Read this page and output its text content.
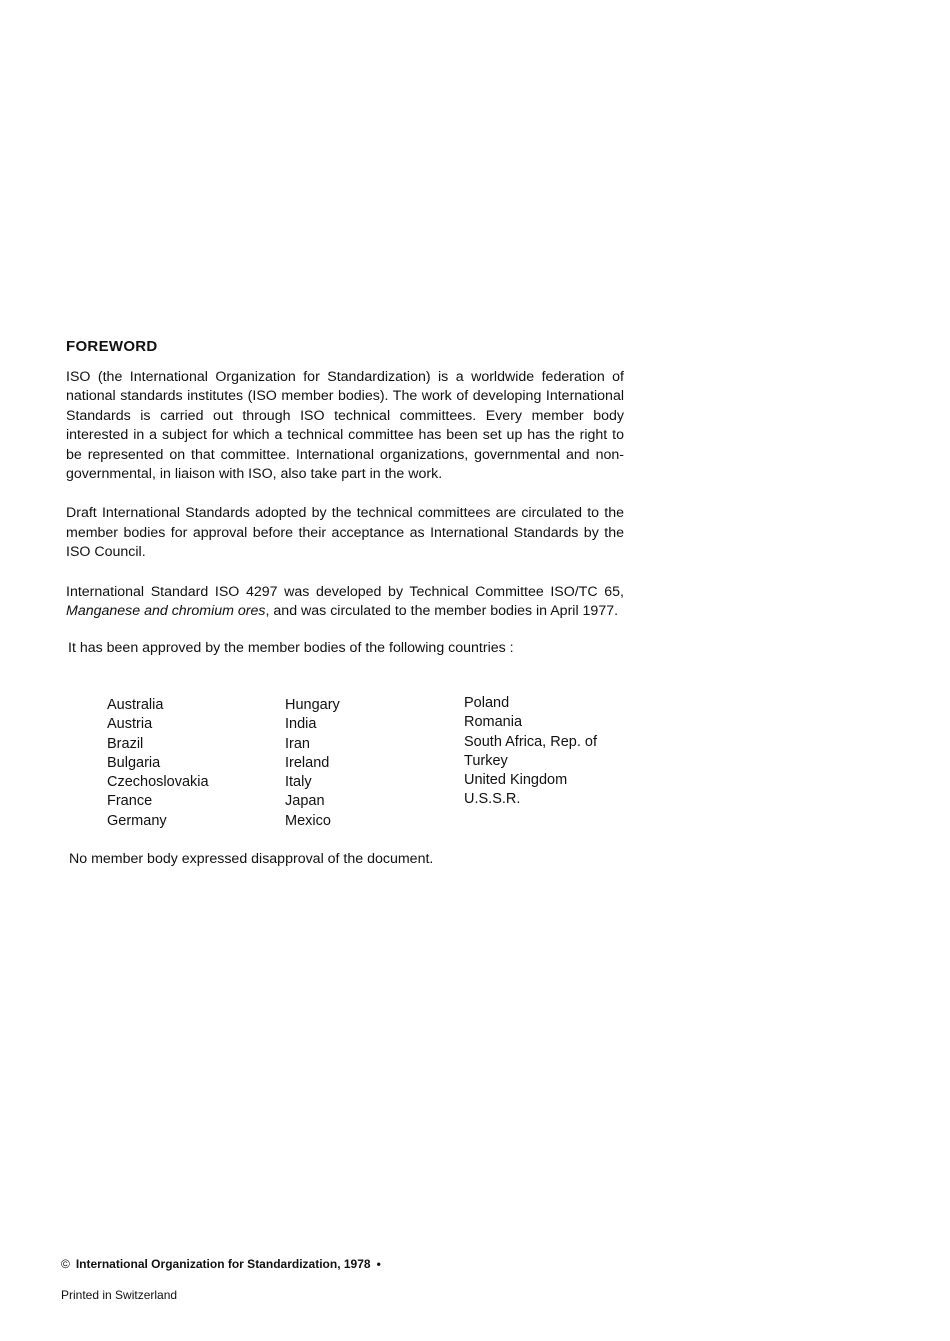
FOREWORD

ISO (the International Organization for Standardization) is a worldwide federation of national standards institutes (ISO member bodies). The work of developing International Standards is carried out through ISO technical committees. Every member body interested in a subject for which a technical committee has been set up has the right to be represented on that committee. International organizations, governmental and non-governmental, in liaison with ISO, also take part in the work.

Draft International Standards adopted by the technical committees are circulated to the member bodies for approval before their acceptance as International Standards by the ISO Council.

International Standard ISO 4297 was developed by Technical Committee ISO/TC 65, Manganese and chromium ores, and was circulated to the member bodies in April 1977.

It has been approved by the member bodies of the following countries :

Australia
Austria
Brazil
Bulgaria
Czechoslovakia
France
Germany
Hungary
India
Iran
Ireland
Italy
Japan
Mexico
Poland
Romania
South Africa, Rep. of
Turkey
United Kingdom
U.S.S.R.
No member body expressed disapproval of the document.
© International Organization for Standardization, 1978 •
Printed in Switzerland
